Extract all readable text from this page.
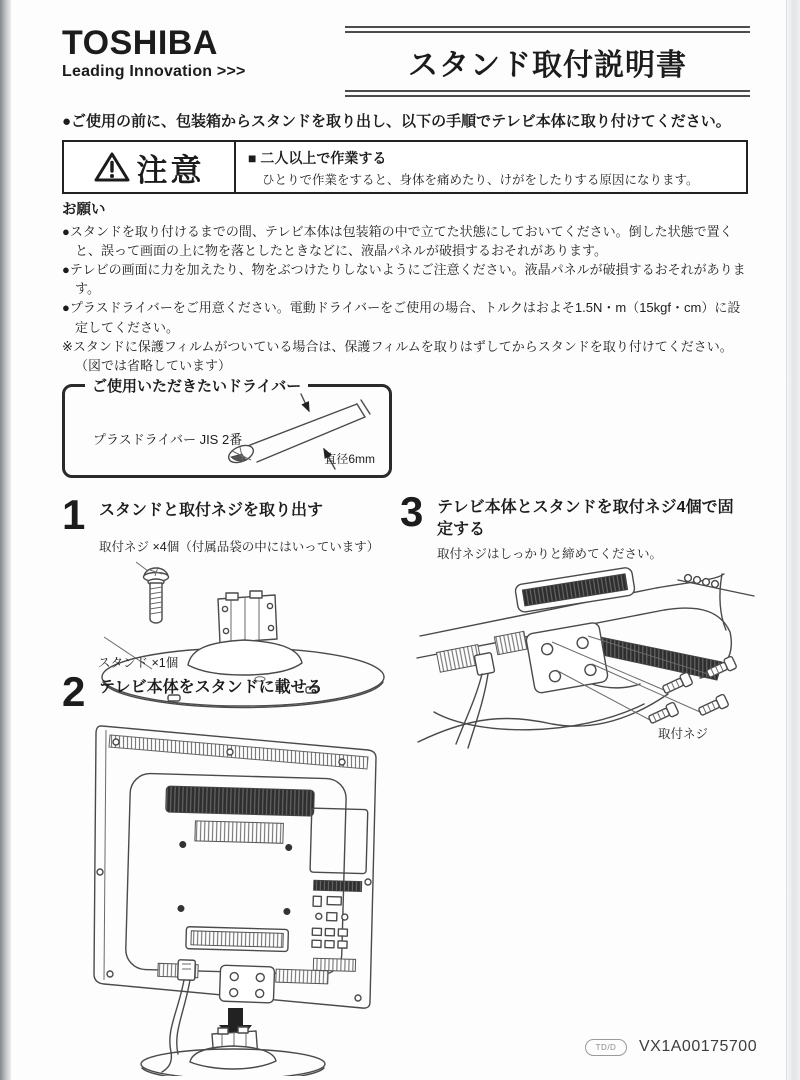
TOSHIBA
Leading Innovation >>>	スタンド取付説明書

●ご使用の前に、包装箱からスタンドを取り出し、以下の手順でテレビ本体に取り付けてください。

注意	■ 二人以上で作業する

ひとりで作業をすると、身体を痛めたり、けがをしたりする原因になります。

お願い

●スタンドを取り付けるまでの間、テレビ本体は包装箱の中で立てた状態にしておいてください。倒した状態で置くと、誤って画面の上に物を落としたときなどに、液晶パネルが破損するおそれがあります。

●テレビの画面に力を加えたり、物をぶつけたりしないようにご注意ください。液晶パネルが破損するおそれがあります。

●プラスドライバーをご用意ください。電動ドライバーをご使用の場合、トルクはおよそ1.5N・m（15kgf・cm）に設定してください。

※スタンドに保護フィルムがついている場合は、保護フィルムを取りはずしてからスタンドを取り付けてください。（図では省略しています）

ご使用いただきたいドライバー
プラスドライバー JIS 2番
直径6mm
1 スタンドと取付ネジを取り出す

取付ネジ ×4個（付属品袋の中にはいっています）

スタンド ×1個
3 テレビ本体とスタンドを取付ネジ4個で固定する

取付ネジはしっかりと締めてください。

取付ネジ
2 テレビ本体をスタンドに載せる
TD/D	VX1A00175700
